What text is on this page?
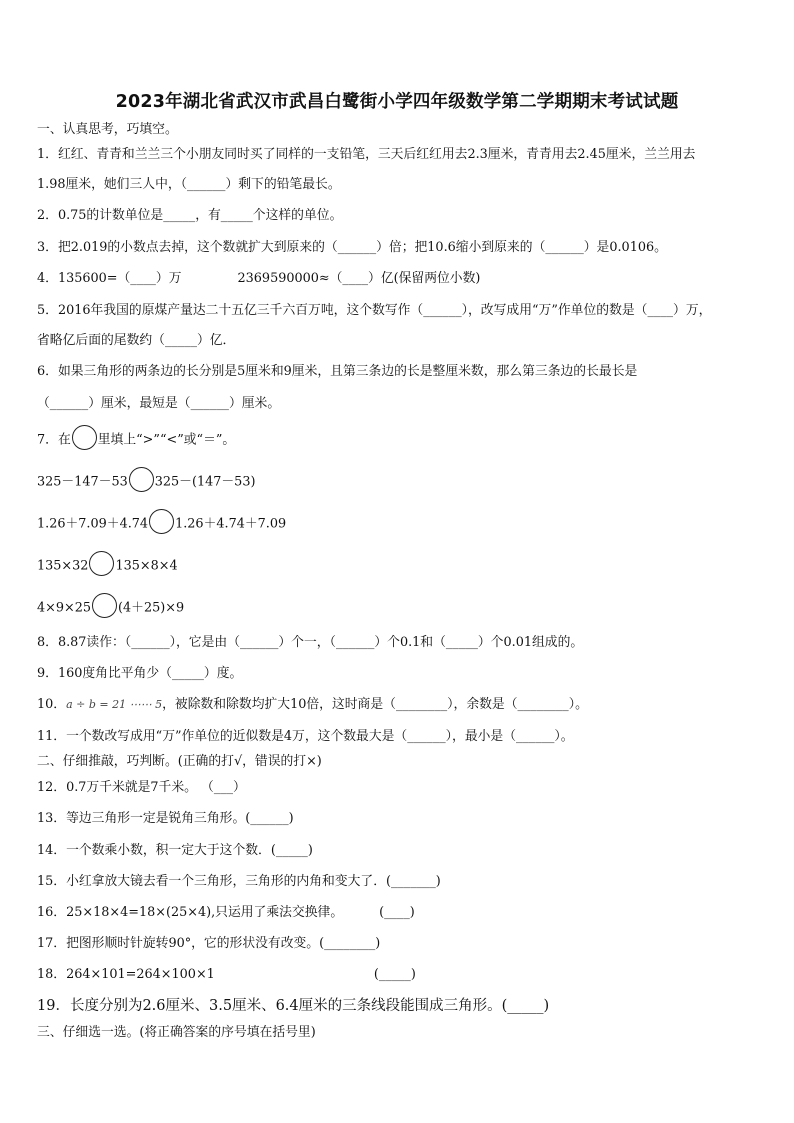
2023年湖北省武汉市武昌白鹭街小学四年级数学第二学期期末考试试题
一、认真思考，巧填空。
1．红红、青青和兰兰三个小朋友同时买了同样的一支铅笔，三天后红红用去2.3厘米，青青用去2.45厘米，兰兰用去
1.98厘米，她们三人中，（______）剩下的铅笔最长。
2．0.75的计数单位是_____，有_____个这样的单位。
3．把2.019的小数点去掉，这个数就扩大到原来的（______）倍；把10.6缩小到原来的（______）是0.0106。
4．135600=（____）万	2369590000≈（____）亿(保留两位小数)
5．2016年我国的原煤产量达二十五亿三千六百万吨，这个数写作（______），改写成用“万”作单位的数是（____）万，
省略亿后面的尾数约（_____）亿．
6．如果三角形的两条边的长分别是5厘米和9厘米，且第三条边的长是整厘米数，那么第三条边的长最长是
（______）厘米，最短是（______）厘米。
7．在 里填上“>”“<”或“＝”。
325－147－53 325－(147－53)
1.26＋7.09＋4.74 1.26＋4.74＋7.09
135×32 135×8×4
4×9×25 (4＋25)×9
8．8.87读作：（______），它是由（______）个一，（______）个0.1和（_____）个0.01组成的。
9．160度角比平角少（_____）度。
10．a ÷ b = 21 ⋯⋯ 5，被除数和除数均扩大10倍，这时商是（________），余数是（________）。
11．一个数改写成用“万”作单位的近似数是4万，这个数最大是（______），最小是（______）。
二、仔细推敲，巧判断。(正确的打√，错误的打×)
12．0.7万千米就是7千米。 （___）
13．等边三角形一定是锐角三角形。(______)
14．一个数乘小数，积一定大于这个数．(_____)
15．小红拿放大镜去看一个三角形，三角形的内角和变大了．(_______)
16．25×18×4=18×(25×4),只运用了乘法交换律。	(____)
17．把图形顺时针旋转90°，它的形状没有改变。(________)
18．264×101=264×100×1	(_____)
19．长度分别为2.6厘米、3.5厘米、6.4厘米的三条线段能围成三角形。(_____)
三、仔细选一选。(将正确答案的序号填在括号里)
